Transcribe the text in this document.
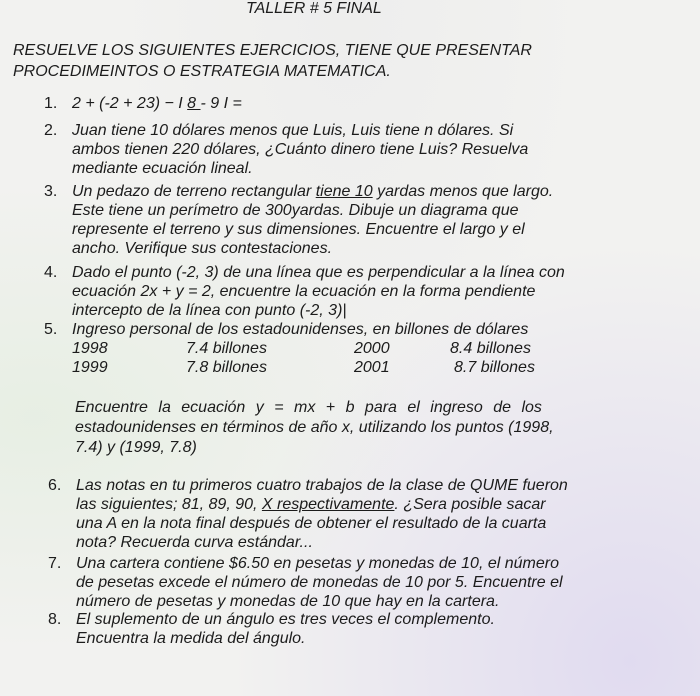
TALLER # 5 FINAL
RESUELVE LOS SIGUIENTES EJERCICIOS, TIENE QUE PRESENTAR
PROCEDIMEINTOS O ESTRATEGIA MATEMATICA.
1. 2 + (-2 + 23) − I 8 - 9 I =
2. Juan tiene 10 dólares menos que Luis, Luis tiene n dólares. Si
ambos tienen 220 dólares, ¿Cuánto dinero tiene Luis? Resuelva
mediante ecuación lineal.
3. Un pedazo de terreno rectangular tiene 10 yardas menos que largo.
Este tiene un perímetro de 300yardas. Dibuje un diagrama que
represente el terreno y sus dimensiones. Encuentre el largo y el
ancho. Verifique sus contestaciones.
4. Dado el punto (-2, 3) de una línea que es perpendicular a la línea con
ecuación 2x + y = 2, encuentre la ecuación en la forma pendiente
intercepto de la línea con punto (-2, 3)|
5. Ingreso personal de los estadounidenses, en billones de dólares
6. Las notas en tu primeros cuatro trabajos de la clase de QUME fueron
las siguientes; 81, 89, 90, X respectivamente. ¿Sera posible sacar
una A en la nota final después de obtener el resultado de la cuarta
nota? Recuerda curva estándar...
7. Una cartera contiene $6.50 en pesetas y monedas de 10, el número
de pesetas excede el número de monedas de 10 por 5. Encuentre el
número de pesetas y monedas de 10 que hay en la cartera.
8. El suplemento de un ángulo es tres veces el complemento.
Encuentra la medida del ángulo.
1998	7.4 billones	2000	8.4 billones
1999	7.8 billones	2001	8.7 billones
Encuentre la ecuación y = mx + b para el ingreso de los
estadounidenses en términos de año x, utilizando los puntos (1998,
7.4) y (1999, 7.8)
